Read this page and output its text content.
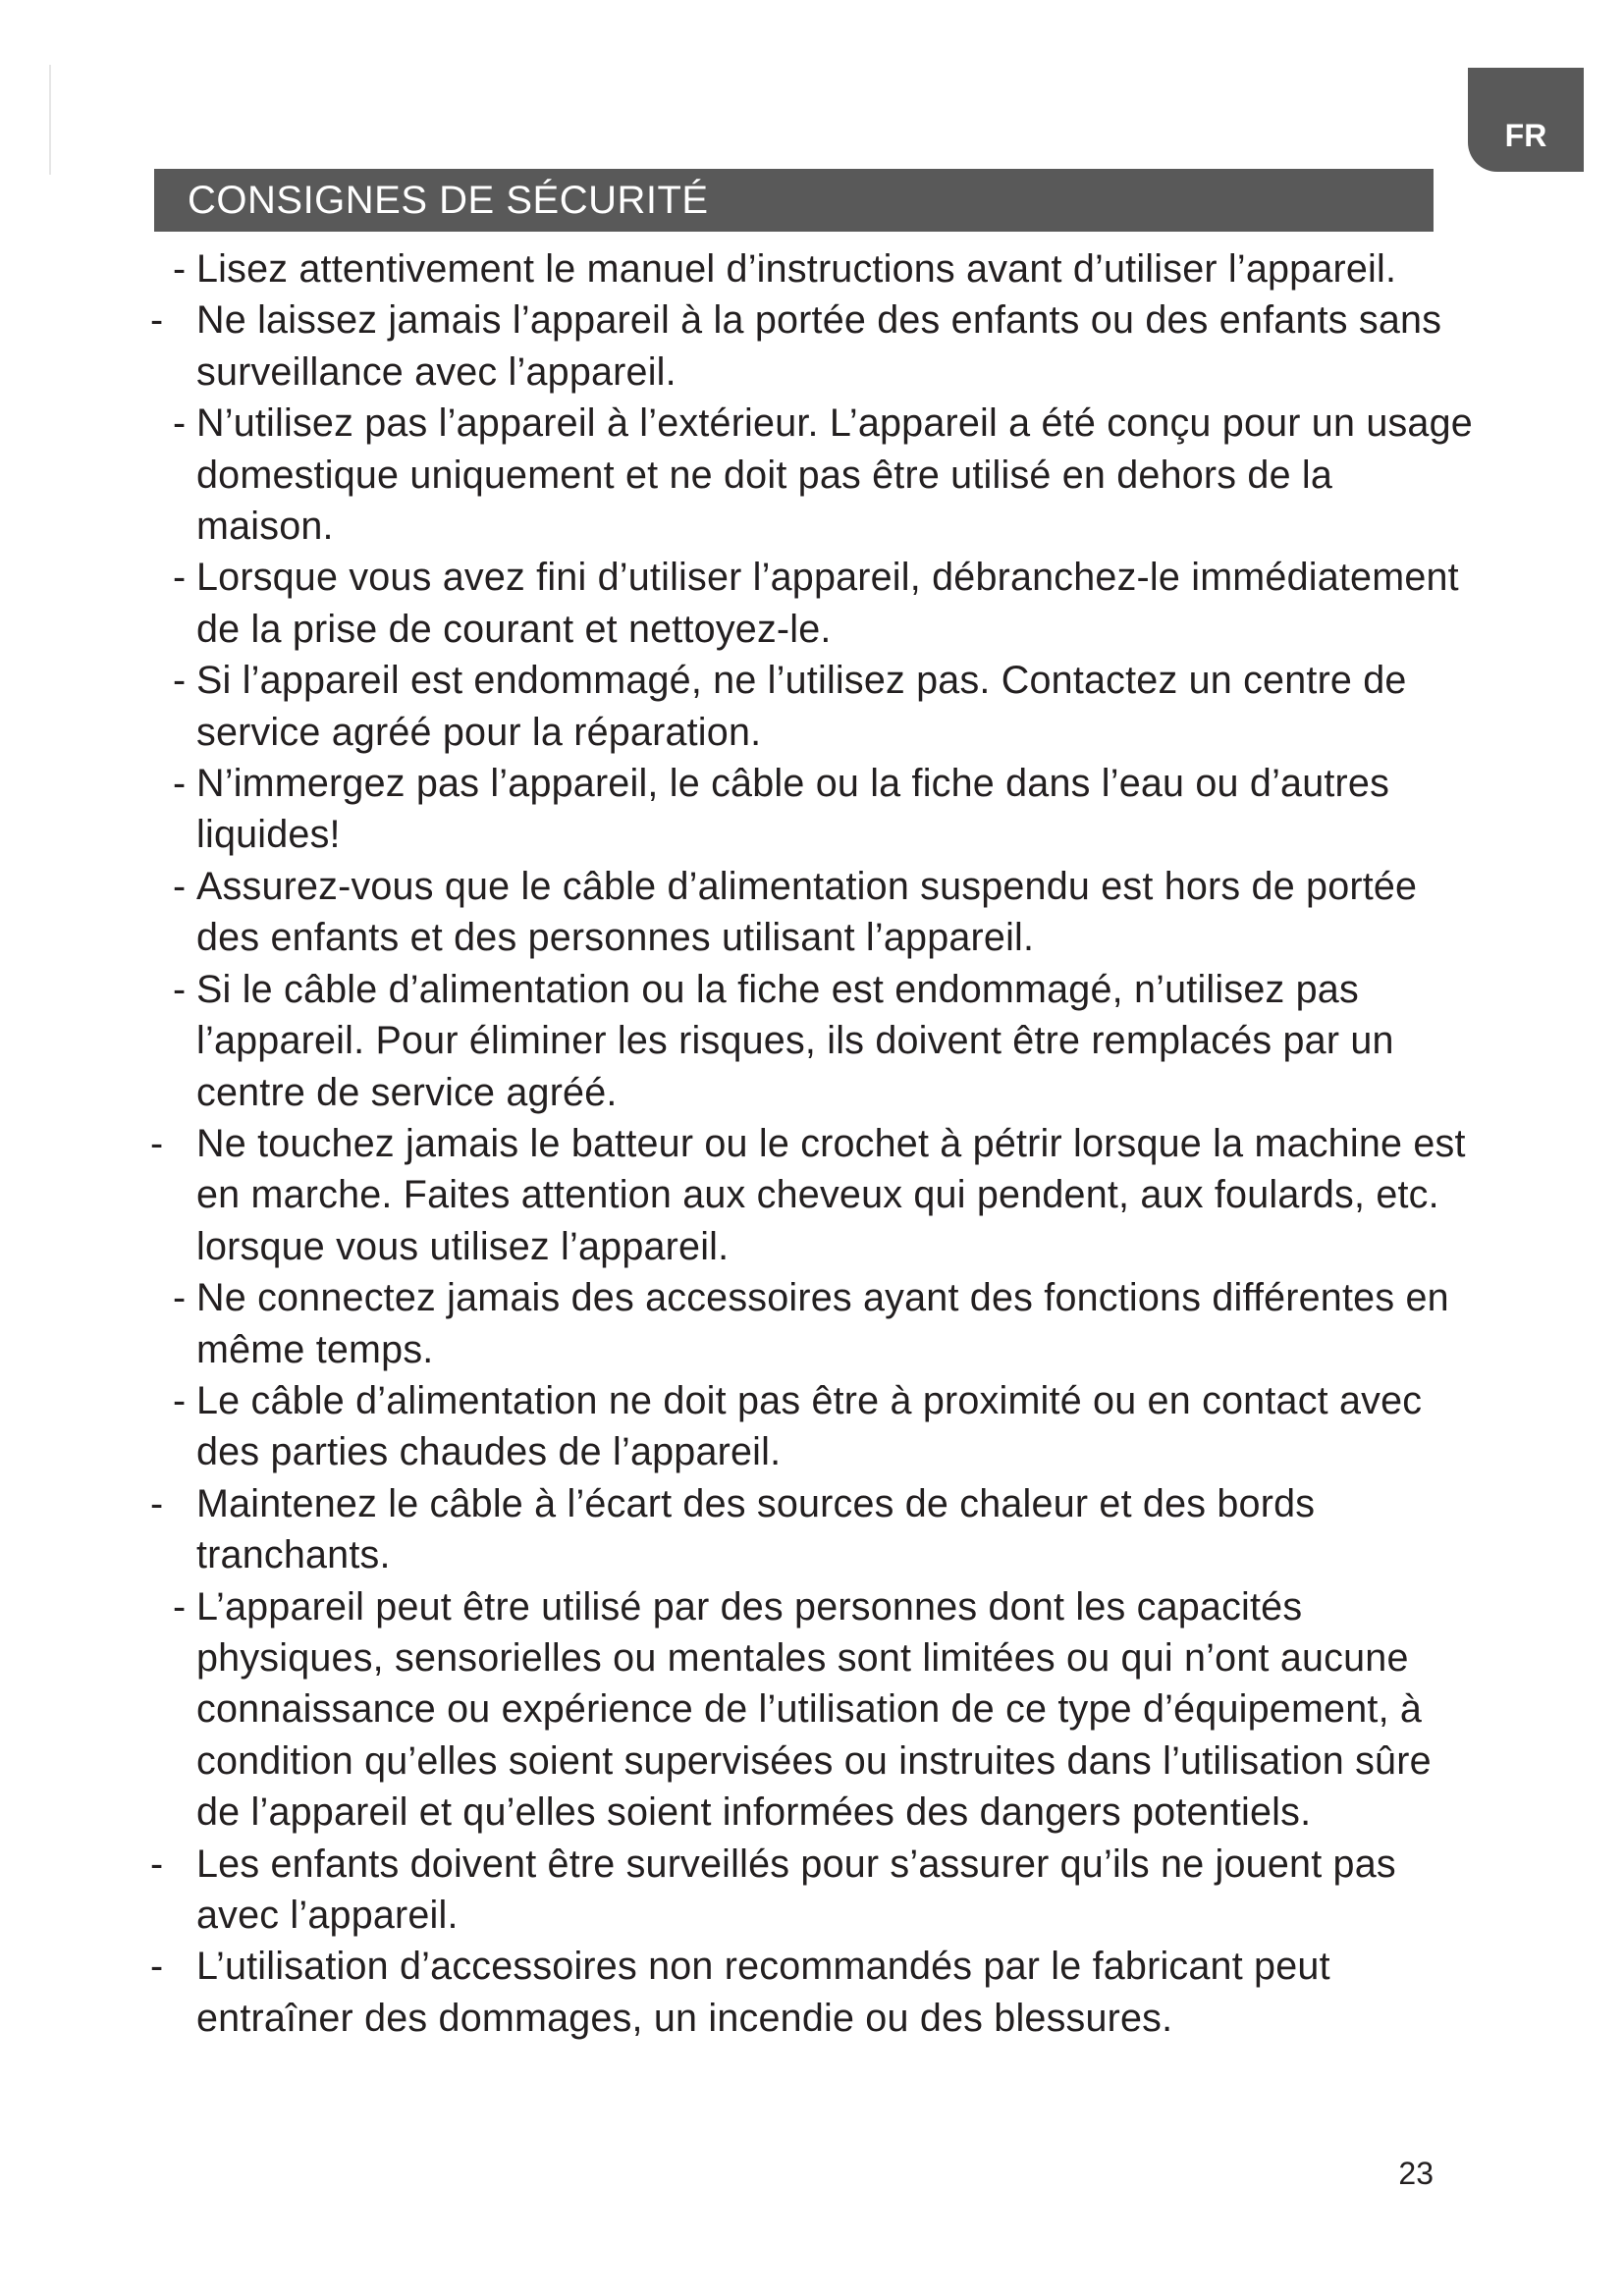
FR
CONSIGNES DE SÉCURITÉ
- Lisez attentivement le manuel d’instructions avant d’utiliser l’appareil.
- Ne laissez jamais l’appareil à la portée des enfants ou des enfants sans surveillance avec l’appareil.
- N’utilisez pas l’appareil à l’extérieur. L’appareil a été conçu pour un usage domestique uniquement et ne doit pas être utilisé en dehors de la maison.
- Lorsque vous avez fini d’utiliser l’appareil, débranchez-le immédiatement de la prise de courant et nettoyez-le.
- Si l’appareil est endommagé, ne l’utilisez pas. Contactez un centre de service agréé pour la réparation.
- N’immergez pas l’appareil, le câble ou la fiche dans l’eau ou d’autres liquides!
- Assurez-vous que le câble d’alimentation suspendu est hors de portée des enfants et des personnes utilisant l’appareil.
- Si le câble d’alimentation ou la fiche est endommagé, n’utilisez pas l’appareil. Pour éliminer les risques, ils doivent être remplacés par un centre de service agréé.
- Ne touchez jamais le batteur ou le crochet à pétrir lorsque la machine est en marche. Faites attention aux cheveux qui pendent, aux foulards, etc. lorsque vous utilisez l’appareil.
- Ne connectez jamais des accessoires ayant des fonctions différentes en même temps.
- Le câble d’alimentation ne doit pas être à proximité ou en contact avec des parties chaudes de l’appareil.
- Maintenez le câble à l’écart des sources de chaleur et des bords tranchants.
- L’appareil peut être utilisé par des personnes dont les capacités physiques, sensorielles ou mentales sont limitées ou qui n’ont aucune connaissance ou expérience de l’utilisation de ce type d’équipement, à condition qu’elles soient supervisées ou instruites dans l’utilisation sûre de l’appareil et qu’elles soient informées des dangers potentiels.
- Les enfants doivent être surveillés pour s’assurer qu’ils ne jouent pas avec l’appareil.
- L’utilisation d’accessoires non recommandés par le fabricant peut entraîner des dommages, un incendie ou des blessures.
23
